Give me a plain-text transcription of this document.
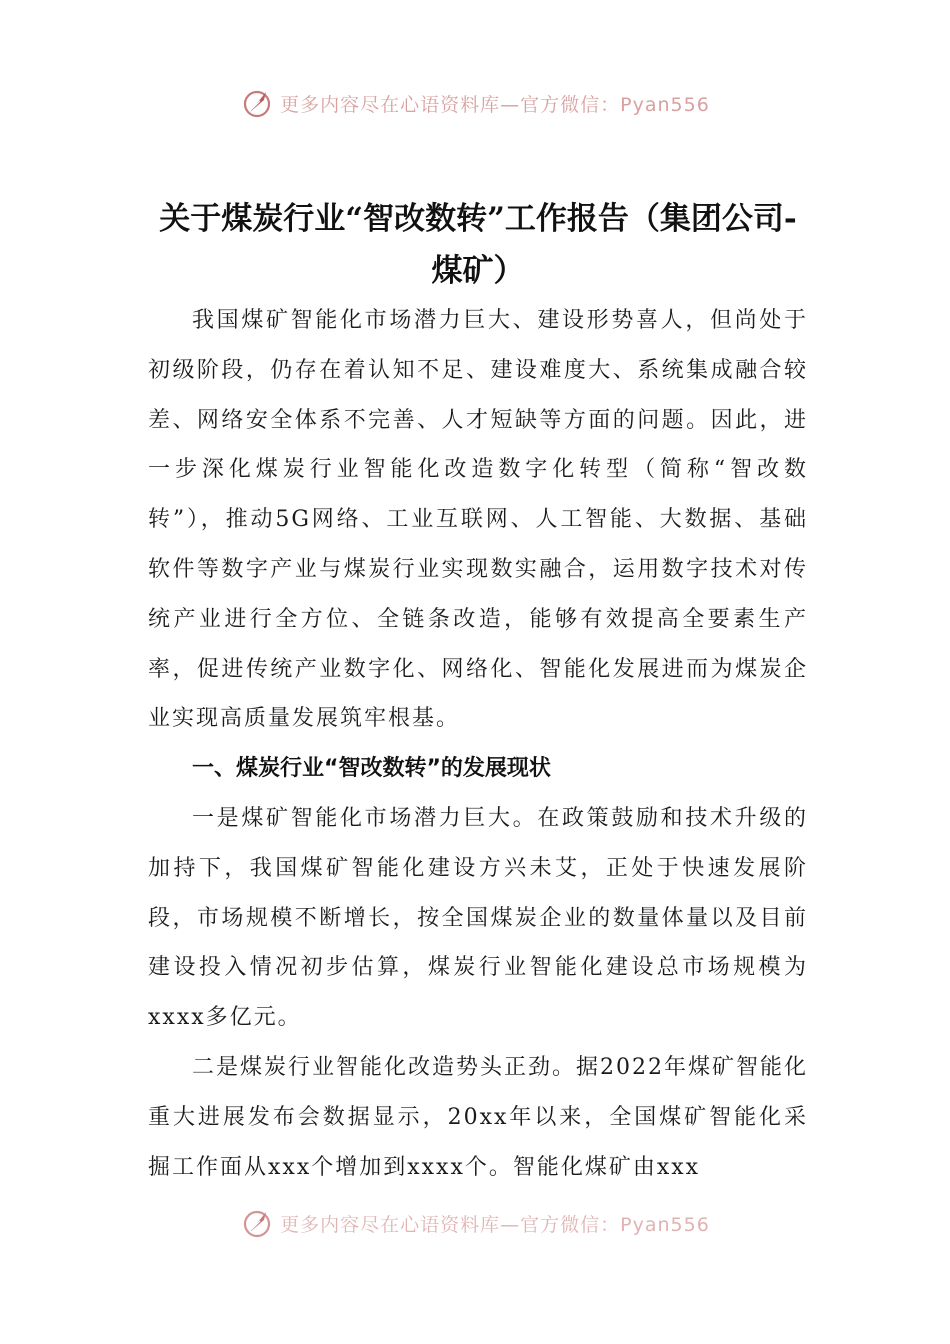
更多内容尽在心语资料库—官方微信：Pyan556
关于煤炭行业“智改数转”工作报告（集团公司-煤矿）

我国煤矿智能化市场潜力巨大、建设形势喜人，但尚处于初级阶段，仍存在着认知不足、建设难度大、系统集成融合较差、网络安全体系不完善、人才短缺等方面的问题。因此，进一步深化煤炭行业智能化改造数字化转型（简称“智改数转”），推动5G网络、工业互联网、人工智能、大数据、基础软件等数字产业与煤炭行业实现数实融合，运用数字技术对传统产业进行全方位、全链条改造，能够有效提高全要素生产率，促进传统产业数字化、网络化、智能化发展进而为煤炭企业实现高质量发展筑牢根基。

一、煤炭行业“智改数转”的发展现状

一是煤矿智能化市场潜力巨大。在政策鼓励和技术升级的加持下，我国煤矿智能化建设方兴未艾，正处于快速发展阶段，市场规模不断增长，按全国煤炭企业的数量体量以及目前建设投入情况初步估算，煤炭行业智能化建设总市场规模为xxxx多亿元。

二是煤炭行业智能化改造势头正劲。据2022年煤矿智能化重大进展发布会数据显示，20xx年以来，全国煤矿智能化采掘工作面从xxx个增加到xxxx个。智能化煤矿由xxx

更多内容尽在心语资料库—官方微信：Pyan556
